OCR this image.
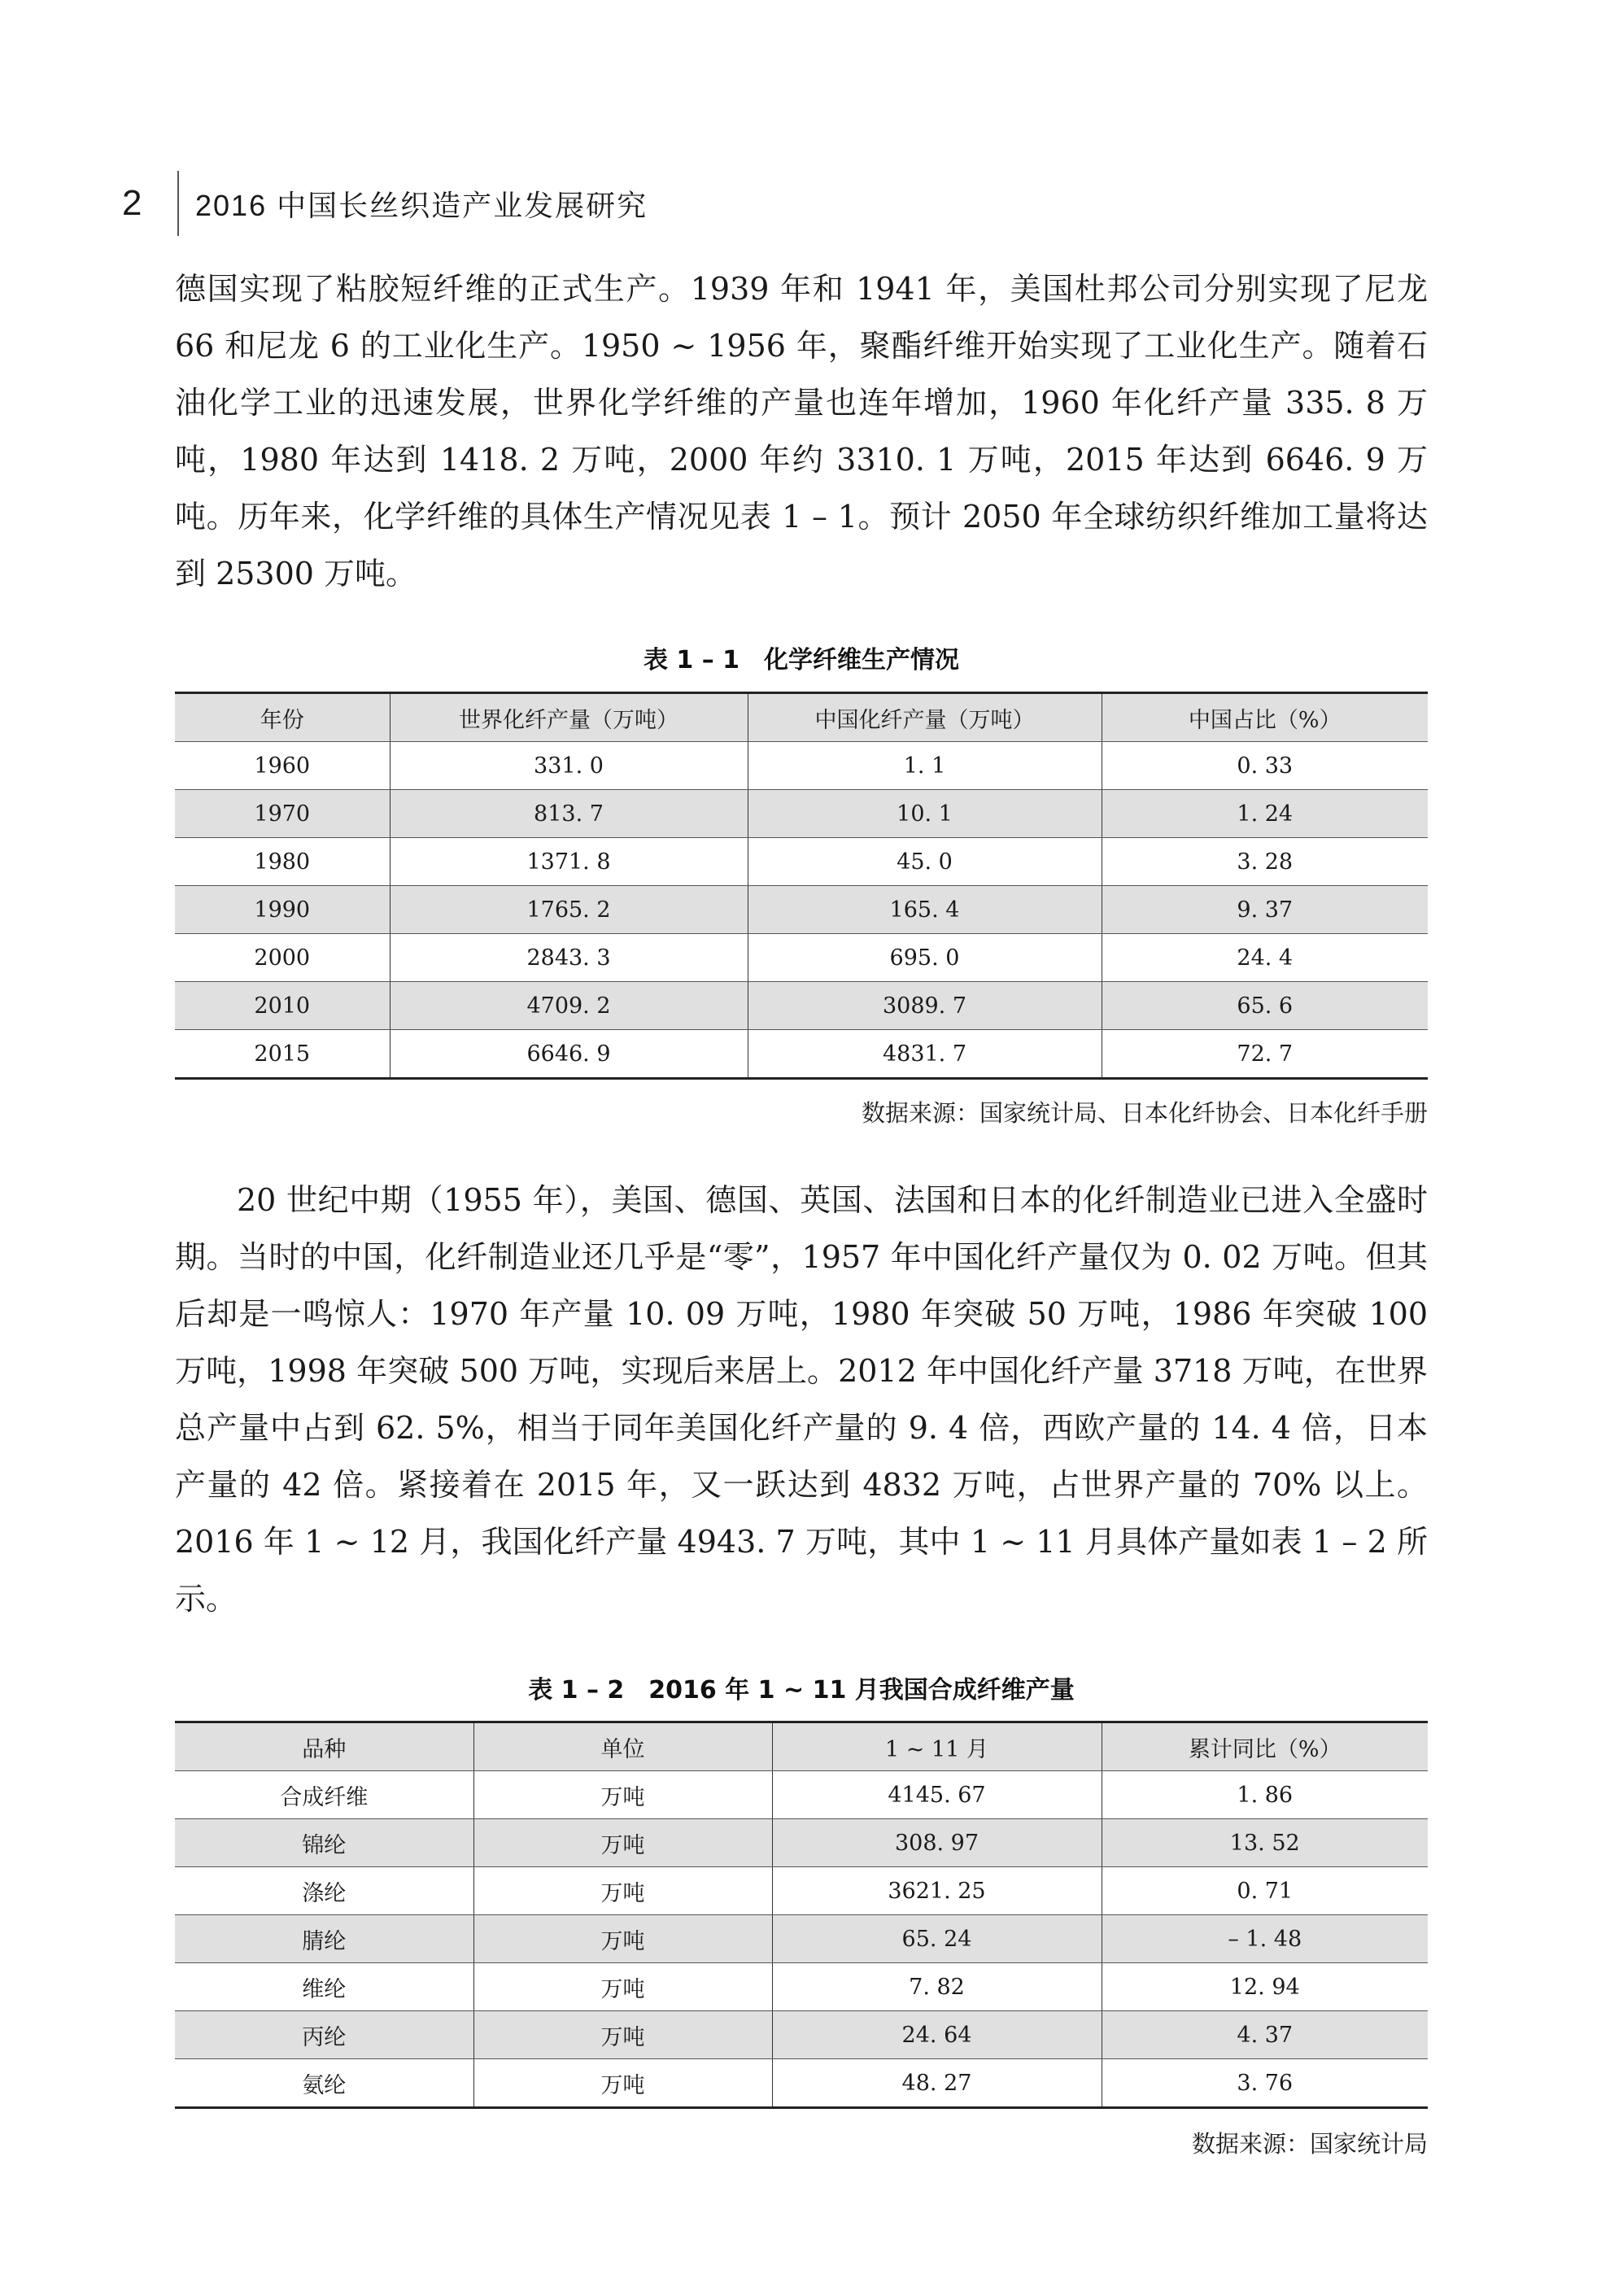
2	2016 中国长丝织造产业发展研究

德国实现了粘胶短纤维的正式生产。1939 年和 1941 年，美国杜邦公司分别实现了尼龙 66 和尼龙 6 的工业化生产。1950 ~ 1956 年，聚酯纤维开始实现了工业化生产。随着石油化学工业的迅速发展，世界化学纤维的产量也连年增加，1960 年化纤产量 335. 8 万吨，1980 年达到 1418. 2 万吨，2000 年约 3310. 1 万吨，2015 年达到 6646. 9 万吨。历年来，化学纤维的具体生产情况见表 1 – 1。预计 2050 年全球纺织纤维加工量将达到 25300 万吨。

表 1 – 1　化学纤维生产情况
年份	世界化纤产量（万吨）	中国化纤产量（万吨）	中国占比（%）
1960	331. 0	1. 1	0. 33
1970	813. 7	10. 1	1. 24
1980	1371. 8	45. 0	3. 28
1990	1765. 2	165. 4	9. 37
2000	2843. 3	695. 0	24. 4
2010	4709. 2	3089. 7	65. 6
2015	6646. 9	4831. 7	72. 7
数据来源：国家统计局、日本化纤协会、日本化纤手册

20 世纪中期（1955 年），美国、德国、英国、法国和日本的化纤制造业已进入全盛时期。当时的中国，化纤制造业还几乎是“零”，1957 年中国化纤产量仅为 0. 02 万吨。但其后却是一鸣惊人：1970 年产量 10. 09 万吨，1980 年突破 50 万吨，1986 年突破 100 万吨，1998 年突破 500 万吨，实现后来居上。2012 年中国化纤产量 3718 万吨，在世界总产量中占到 62. 5%，相当于同年美国化纤产量的 9. 4 倍，西欧产量的 14. 4 倍，日本产量的 42 倍。紧接着在 2015 年，又一跃达到 4832 万吨，占世界产量的 70% 以上。2016 年 1 ~ 12 月，我国化纤产量 4943. 7 万吨，其中 1 ~ 11 月具体产量如表 1 – 2 所示。

表 1 – 2　2016 年 1 ~ 11 月我国合成纤维产量
品种	单位	1 ~ 11 月	累计同比（%）
合成纤维	万吨	4145. 67	1. 86
锦纶	万吨	308. 97	13. 52
涤纶	万吨	3621. 25	0. 71
腈纶	万吨	65. 24	– 1. 48
维纶	万吨	7. 82	12. 94
丙纶	万吨	24. 64	4. 37
氨纶	万吨	48. 27	3. 76
数据来源：国家统计局
